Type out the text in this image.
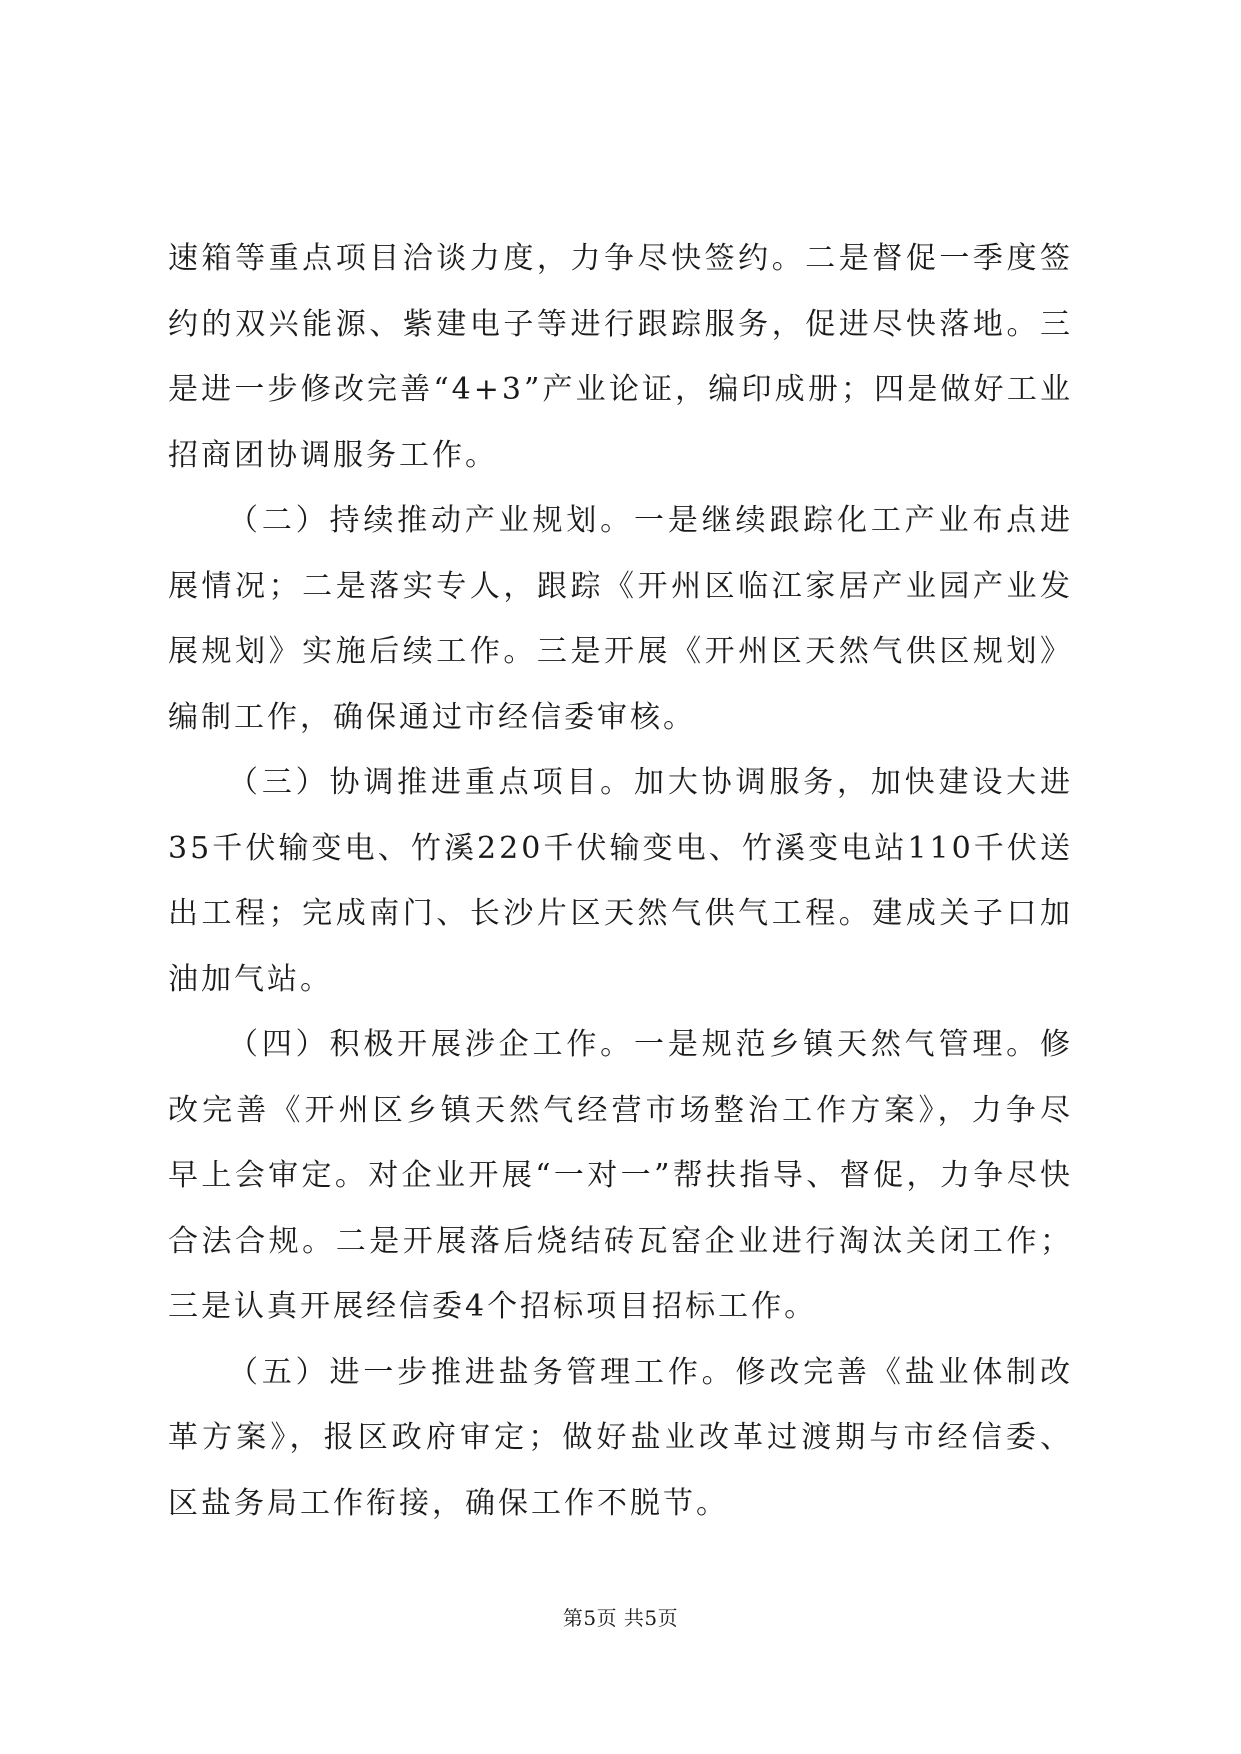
速箱等重点项目洽谈力度，力争尽快签约。二是督促一季度签约的双兴能源、紫建电子等进行跟踪服务，促进尽快落地。三是进一步修改完善“4+3”产业论证，编印成册；四是做好工业招商团协调服务工作。

（二）持续推动产业规划。一是继续跟踪化工产业布点进展情况；二是落实专人，跟踪《开州区临江家居产业园产业发展规划》实施后续工作。三是开展《开州区天然气供区规划》编制工作，确保通过市经信委审核。

（三）协调推进重点项目。加大协调服务，加快建设大进35千伏输变电、竹溪220千伏输变电、竹溪变电站110千伏送出工程；完成南门、长沙片区天然气供气工程。建成关子口加油加气站。

（四）积极开展涉企工作。一是规范乡镇天然气管理。修改完善《开州区乡镇天然气经营市场整治工作方案》，力争尽早上会审定。对企业开展“一对一”帮扶指导、督促，力争尽快合法合规。二是开展落后烧结砖瓦窑企业进行淘汰关闭工作；三是认真开展经信委4个招标项目招标工作。

（五）进一步推进盐务管理工作。修改完善《盐业体制改革方案》，报区政府审定；做好盐业改革过渡期与市经信委、区盐务局工作衔接，确保工作不脱节。

第5页 共5页
